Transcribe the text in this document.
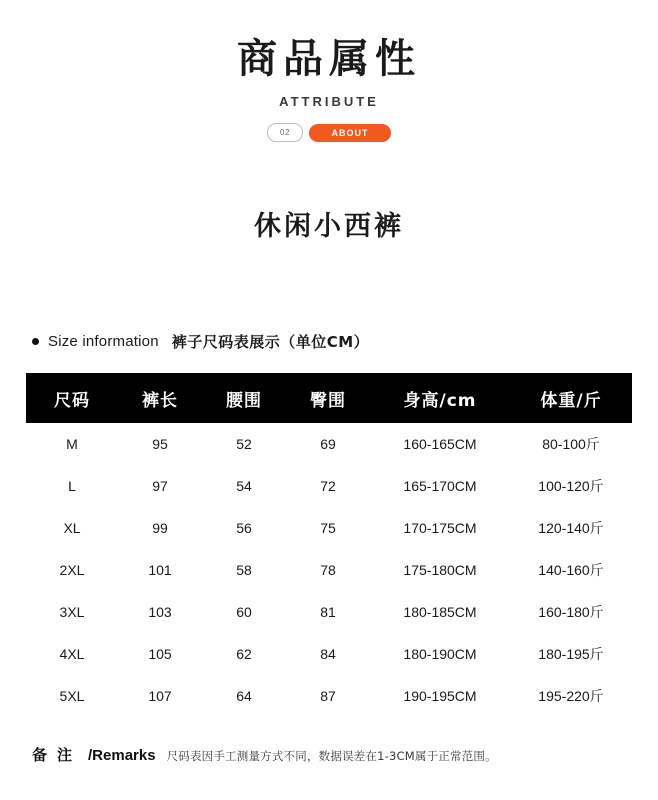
商品属性
ATTRIBUTE
02	ABOUT
休闲小西裤
Size information 裤子尺码表展示（单位CM）
尺码	裤长	腰围	臀围	身高/cm	体重/斤
M	95	52	69	160-165CM	80-100斤
L	97	54	72	165-170CM	100-120斤
XL	99	56	75	170-175CM	120-140斤
2XL	101	58	78	175-180CM	140-160斤
3XL	103	60	81	180-185CM	160-180斤
4XL	105	62	84	180-190CM	180-195斤
5XL	107	64	87	190-195CM	195-220斤
备注 /Remarks 尺码表因手工测量方式不同，数据误差在1-3CM属于正常范围。
